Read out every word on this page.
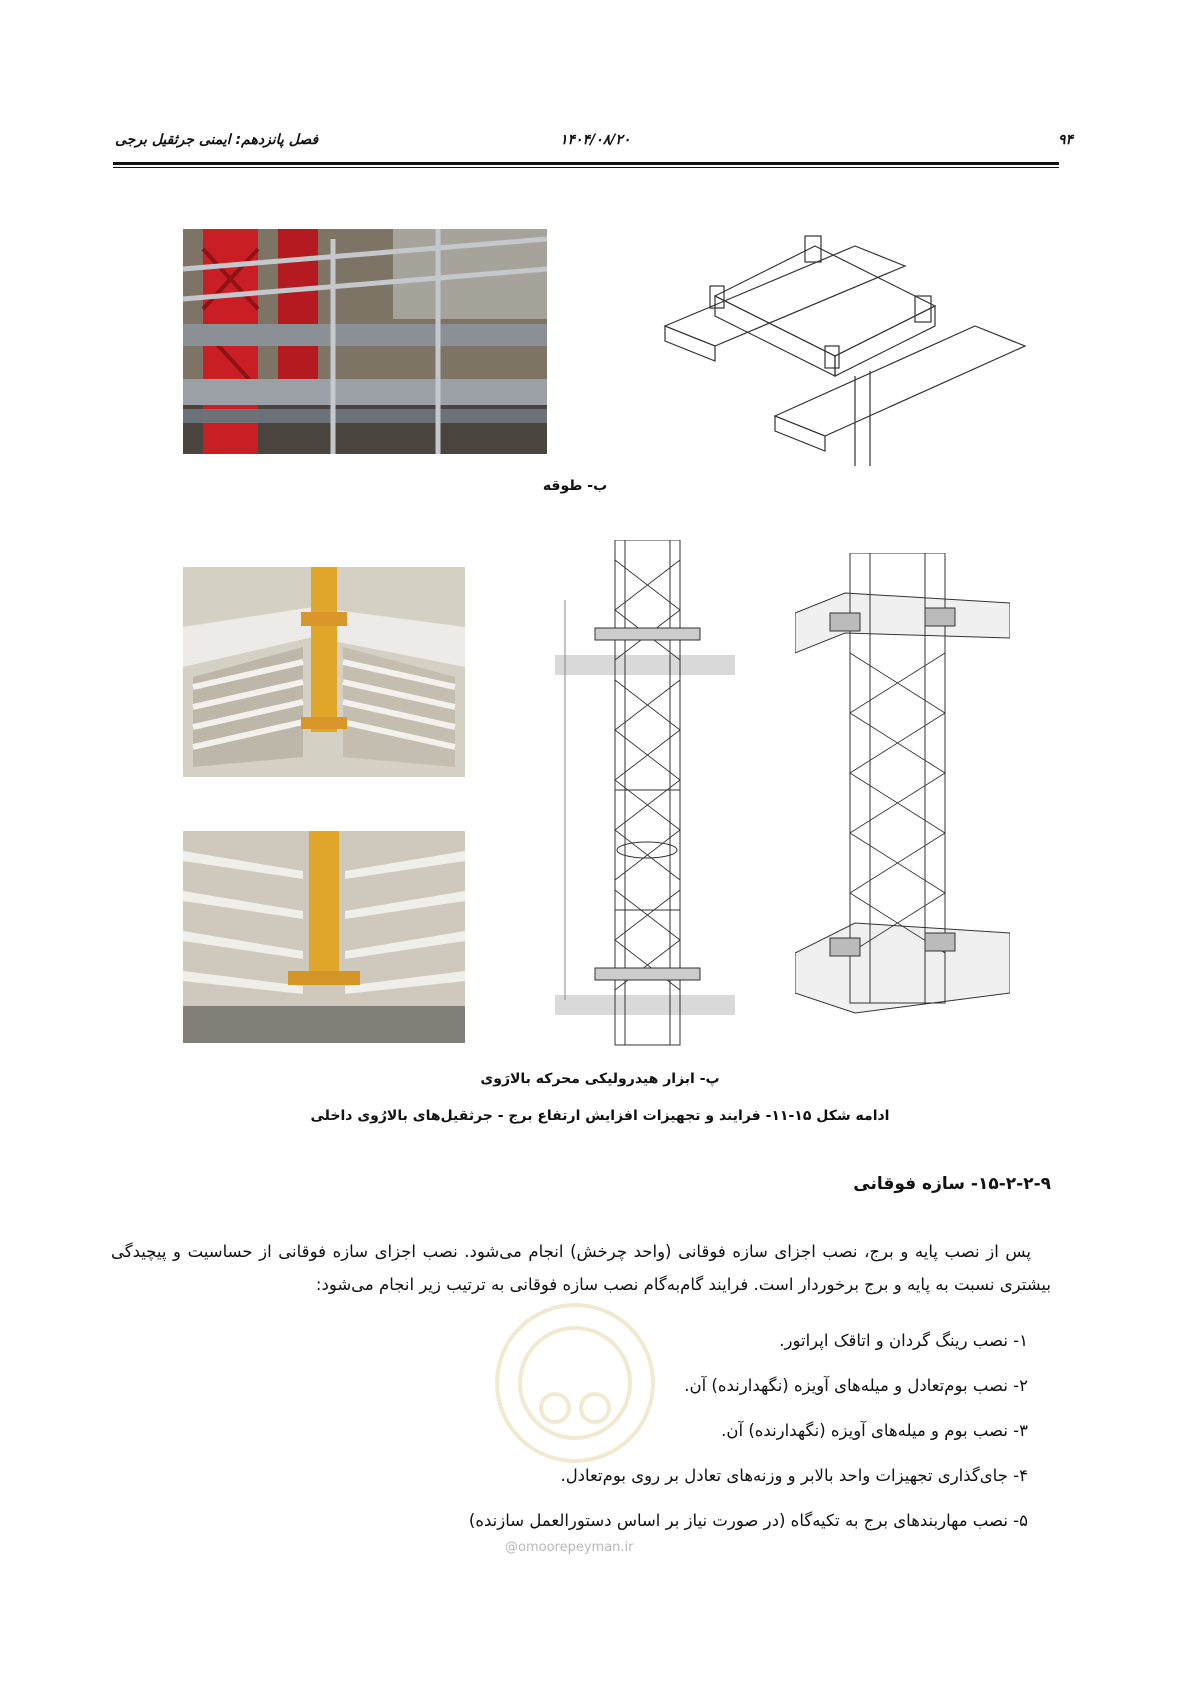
۹۴
۱۴۰۴/۰۸/۲۰
فصل پانزدهم: ایمنی جرثقیل برجی
ب- طوقه
پ- ابزار هیدرولیکی محرکه بالارَوی
ادامه شکل ۱۵-۱۱- فرایند و تجهیزات افزایش ارتفاع برج - جرثقیل‌های بالارُوی داخلی
۱۵-۲-۲-۹- سازه فوقانی
پس از نصب پایه و برج، نصب اجزای سازه فوقانی (واحد چرخش) انجام می‌شود. نصب اجزای سازه فوقانی از حساسیت و پیچیدگی بیشتری نسبت به پایه و برج برخوردار است. فرایند گام‌به‌گام نصب سازه فوقانی به ترتیب زیر انجام می‌شود:
۱- نصب رینگ گردان و اتاقک اپراتور.
۲- نصب بوم‌تعادل و میله‌های آویزه (نگهدارنده) آن.
۳- نصب بوم و میله‌های آویزه (نگهدارنده) آن.
۴- جای‌گذاری تجهیزات واحد بالابر و وزنه‌های تعادل بر روی بوم‌تعادل.
۵- نصب مهاربندهای برج به تکیه‌گاه (در صورت نیاز بر اساس دستورالعمل سازنده)
@omoorepeyman.ir
